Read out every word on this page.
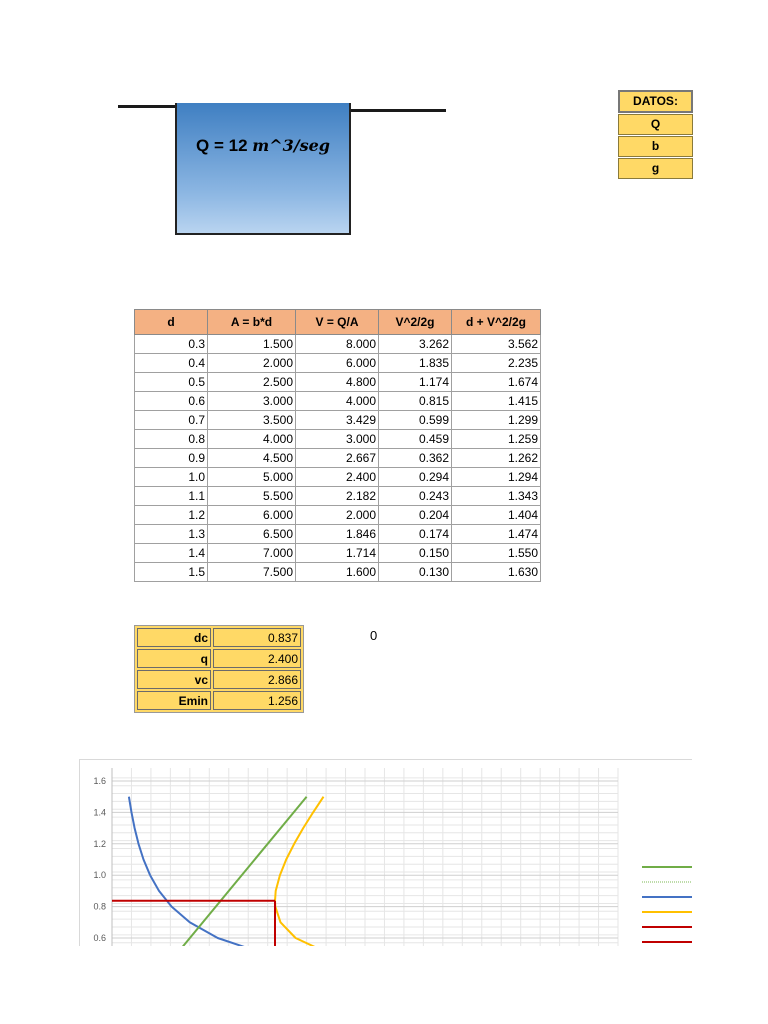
Q = 12 m^3/seg
DATOS:
Q
b
g
d	A = b*d	V = Q/A	V^2/2g	d + V^2/2g
0.3	1.500	8.000	3.262	3.562
0.4	2.000	6.000	1.835	2.235
0.5	2.500	4.800	1.174	1.674
0.6	3.000	4.000	0.815	1.415
0.7	3.500	3.429	0.599	1.299
0.8	4.000	3.000	0.459	1.259
0.9	4.500	2.667	0.362	1.262
1.0	5.000	2.400	0.294	1.294
1.1	5.500	2.182	0.243	1.343
1.2	6.000	2.000	0.204	1.404
1.3	6.500	1.846	0.174	1.474
1.4	7.000	1.714	0.150	1.550
1.5	7.500	1.600	0.130	1.630
dc	0.837
q	2.400
vc	2.866
Emin	1.256
0
1.6
1.4
1.2
1.0
0.8
0.6
